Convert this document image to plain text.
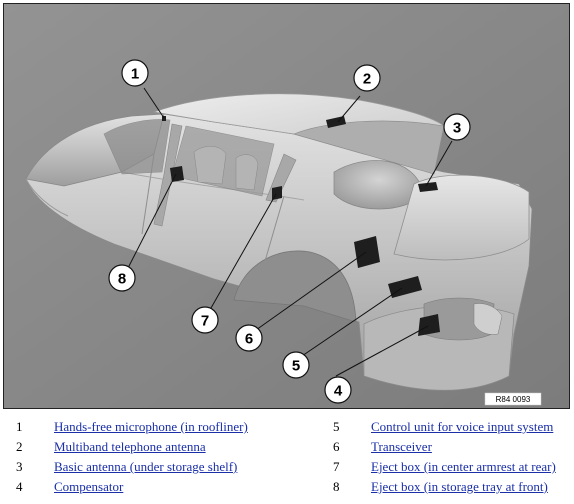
1	2
3
4
5
6
7
8
R84 0093
1 Hands-free microphone (in roofliner)
2 Multiband telephone antenna
3 Basic antenna (under storage shelf)
4 Compensator
5 Control unit for voice input system
6 Transceiver
7 Eject box (in center armrest at rear)
8 Eject box (in storage tray at front)
